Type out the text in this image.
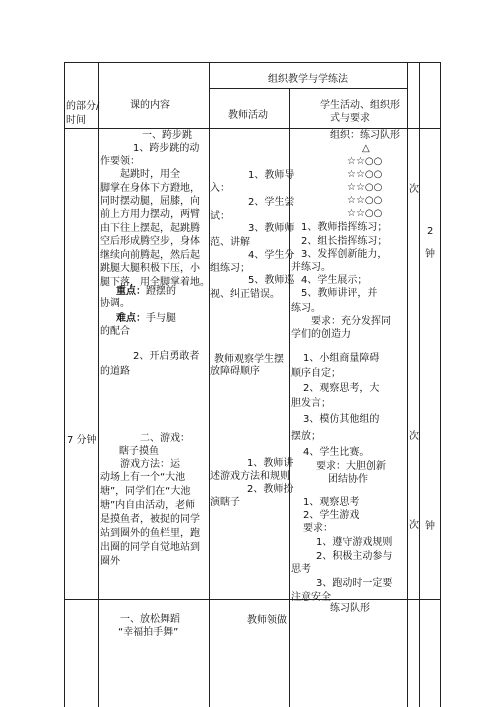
的部分/时间
课的内容
组织教学与学练法
教师活动
学生活动、组织形
式与要求
7 分钟
一、跨步跳
1、跨步跳的动
作要领：
　　起跳时，用全
脚掌在身体下方蹬地，
同时摆动腿，屈膝，向
前上方用力摆动，两臂
由下往上摆起，起跳腾
空后形成腾空步，身体
继续向前腾起，然后起
跳腿大腿积极下压，小
腿下落，用全脚掌着地。
重点：蹬摆的
协调。
难点：手与腿
的配合
2、开启勇敢者
的道路
二、游戏：
瞎子摸鱼
　　游戏方法：运
动场上有一个“大池
塘”，同学们在“大池
塘”内自由活动，老师
是摸鱼者，被捉的同学
站到圈外的鱼栏里，跑
出圈的同学自觉地站到
圈外
一、放松舞蹈
“幸福拍手舞”
1、教师导
入：
2、学生尝
试：
3、教师师
范、讲解
4、学生分
组练习；
5、教师巡
视、纠正错误。
教师观察学生摆
放障碍顺序
1、教师讲
述游戏方法和规则
2、教师扮
演瞎子
教师领做
组织：练习队形
△
☆☆○○
☆☆○○
☆☆○○
☆☆○○
☆☆○○
1、教师指挥练习；
2、组长指挥练习；
3、发挥创新能力，
并练习。
4、学生展示；
5、教师讲评，并
练习。
　　要求：充分发挥同
学们的创造力
1、小组商量障碍
顺序自定；
2、观察思考，大
胆发言；
3、模仿其他组的
摆放；
4、学生比赛。
要求：大胆创新
团结协作
1、观察思考
2、学生游戏
要求：
1、遵守游戏规则
2、积极主动参与
思考
3、跑动时一定要
注意安全
练习队形
次
次
次
2
钟
钟
